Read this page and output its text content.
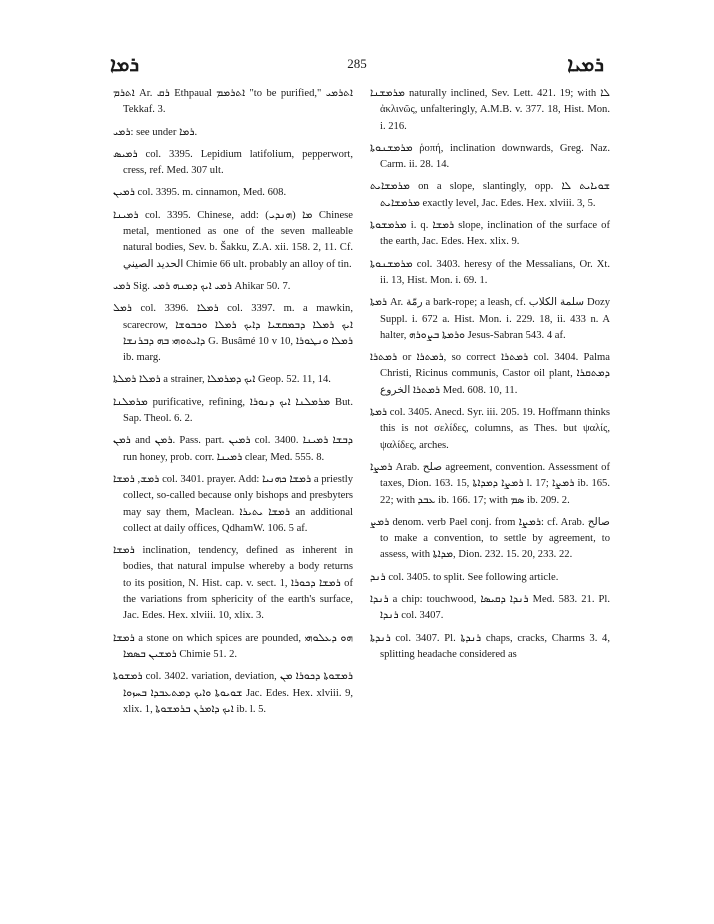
ܪܡܐ	285	ܪܡܝܐ

ܐܬܪܡ Ar. ܪܩ Ethpaual ܐܬܪܡܡ "to be purified," ܐܬܪܡܝ Tekkaf. 3.

ܪܡܝ: see under ܪܡܐ.

ܪܡܝܣ col. 3395. Lepidium latifolium, pepperwort, cress, ref. Med. 307 ult.

ܪܡܝܢ col. 3395. m. cinnamon, Med. 608.

ܪܡܝܢܐ col. 3395. Chinese, add: (ܗܢܕܝ) ܡܐ Chinese metal, mentioned as one of the seven malleable natural bodies, Sev. b. Šakku, Z.A. xii. 158. 2, 11. Cf. الحديد الصيني Chimie 66 ult. probably an alloy of tin.

ܪܡܝ Sig. ܪܡܝ ܐܝܟ ܕܡܢܗ ܪܡܝ Ahikar 50. 7.

ܪܡܠ col. 3396. ܪܡܠܐ col. 3397. m. a mawkin, scarecrow, ܐܝܟ ܪܡܠܐ ܕܒܡܩܫܝܐ ܕܐܝܟ ܪܡܠܐ ܘܟܒܘܫܐ ܕܐܝܬܘܗܝ ܒܗ ܕܒܪܢܫܐ G. Busâmé 10 v 10, ܪܡܠܐ ܘܢܛܘܪܐ ib. marg.

ܪܡܠܐ ܪܡܠܬܐ a strainer, ܐܝܟ ܕܡܪܡܠܐ Geop. 52. 11, 14.

ܡܪܡܠܢܐ purificative, refining, ܡܪܡܠܢܐ ܐܝܟ ܕܢܘܪܐ But. Sap. Theol. 6. 2.

ܪܡܢ and ܪܡܢ. Pass. part. ܪܡܝܢ col. 3400. ܕܒܫܐ ܪܡܝܢܐ run honey, prob. corr. ܪܡܝܢܐ clear, Med. 555. 8.

ܪܡܫ, ܪܡܫܐ col. 3401. prayer. Add: ܪܡܫܐ ܟܗܢܝܐ a priestly collect, so-called because only bishops and presbyters may say them, Maclean. ܪܡܫܐ ܝܬܝܪܐ an additional collect at daily offices, QdhamW. 106. 5 af.

ܪܡܫܐ inclination, tendency, defined as inherent in bodies, that natural impulse whereby a body returns to its position, N. Hist. cap. v. sect. 1, ܪܡܫܐ ܕܟܘܪܐ of the variations from sphericity of the earth's surface, Jac. Edes. Hex. xlviii. 10, xlix. 3.

ܪܡܫܐ a stone on which spices are pounded, ܗܘ ܕܥܠܘܗܝ ܪܡܫܝܢ ܒܣܡܐ Chimie 51. 2.

ܪܡܫܘܬܐ col. 3402. variation, deviation, ܪܡܫܘܬܐ ܕܟܘܪܐ ܡܢ ܫܘܝܘܬܐ ܘܐܝܟ ܕܡܬܥܒܕܐ ܒܚܙܘܐ Jac. Edes. Hex. xlviii. 9, xlix. 1, ܐܝܟ ܕܐܡܪܢ ܒܪܡܫܘܬܐ ib. l. 5.

ܡܪܡܫܢܐ naturally inclined, Sev. Lett. 421. 19; with ܠܐ ἀκλινῶς, unfalteringly, A.M.B. v. 377. 18, Hist. Mon. i. 216.

ܡܪܡܫܢܘܬܐ ῥοπή, inclination downwards, Greg. Naz. Carm. ii. 28. 14.

ܡܪܡܫܐܝܬ on a slope, slantingly, opp. ܫܘܝܐܝܬ ܠܐ ܡܪܡܫܐܝܬ exactly level, Jac. Edes. Hex. xlviii. 3, 5.

ܡܪܡܫܘܬܐ i. q. ܪܡܫܐ slope, inclination of the surface of the earth, Jac. Edes. Hex. xlix. 9.

ܡܪܡܫܢܘܬܐ col. 3403. heresy of the Messalians, Or. Xt. ii. 13, Hist. Mon. i. 69. 1.

ܪܡܬܐ Ar. رمّة a bark-rope; a leash, cf. سلمة الكلاب Dozy Suppl. i. 672 a. Hist. Mon. i. 229. 18, ii. 433 n. A halter, ܘܪܡܬܐ ܒܨܘܪܗ Jesus-Sabran 543. 4 af.

ܪܡܬܪܐ or ܪܡܬܪܐ, so correct ܪܡܬܪܐ col. 3404. Palma Christi, Ricinus communis, Castor oil plant, ܕܡܬܩܪܐ ܪܡܬܪܐ الخروع Med. 608. 10, 11.

ܪܡܬܐ col. 3405. Anecd. Syr. iii. 205. 19. Hoffmann thinks this is not σελίδες, columns, as Thes. but ψαλίς, ψαλίδες, arches.

ܪܡܨܐ Arab. صلح agreement, convention. Assessment of taxes, Dion. 163. 15, ܪܡܨܐ ܕܡܕܐܬܐ l. 17; ܪܡܨܐ ib. 165. 22; with ܥܒܕ ib. 166. 17; with ܣܡ ib. 209. 2.

ܪܡܨ denom. verb Pael conj. from ܪܡܨܐ: cf. Arab. صالح to make a convention, to settle by agreement, to assess, with ܡܕܐܬܐ, Dion. 232. 15. 20, 233. 22.

ܪܢܕ col. 3405. to split. See following article.

ܪܢܕܐ a chip: touchwood, ܪܢܕܐ ܕܩܝܣܐ Med. 583. 21. Pl. ܪܢܕܐ col. 3407.

ܪܢܕܬܐ col. 3407. Pl. ܪܢܕܬܐ chaps, cracks, Charms 3. 4, splitting headache considered as
